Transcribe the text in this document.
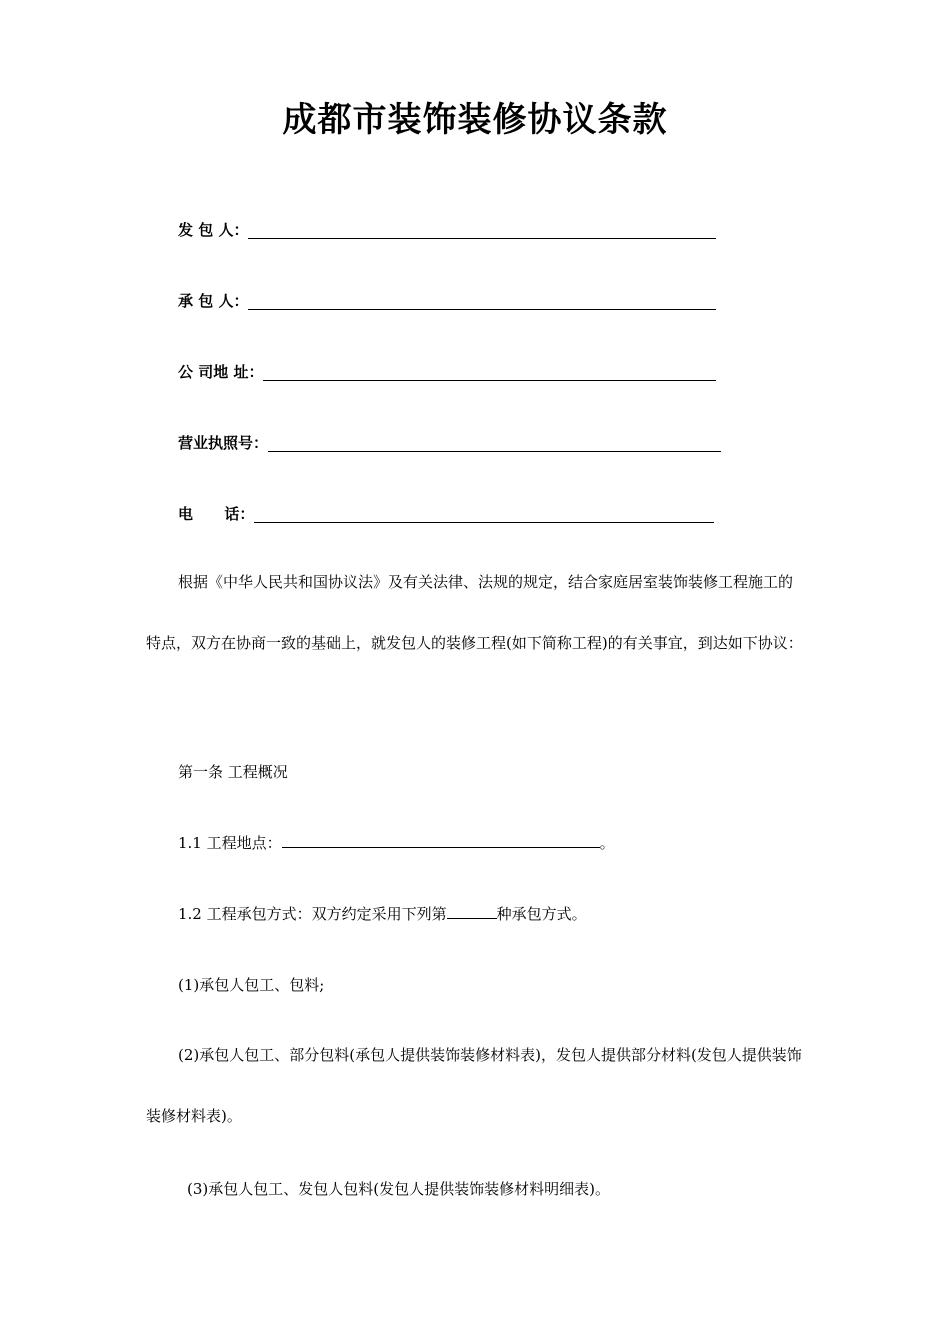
成都市装饰装修协议条款
发 包 人：
承 包 人：
公 司地 址：
营业执照号：
电      话：
根据《中华人民共和国协议法》及有关法律、法规的规定，结合家庭居室装饰装修工程施工的特点，双方在协商一致的基础上，就发包人的装修工程(如下简称工程)的有关事宜，到达如下协议：
第一条 工程概况
1.1 工程地点：	。
1.2 工程承包方式：双方约定采用下列第	种承包方式。
(1)承包人包工、包料;
(2)承包人包工、部分包料(承包人提供装饰装修材料表)，发包人提供部分材料(发包人提供装饰装修材料表)。
(3)承包人包工、发包人包料(发包人提供装饰装修材料明细表)。
